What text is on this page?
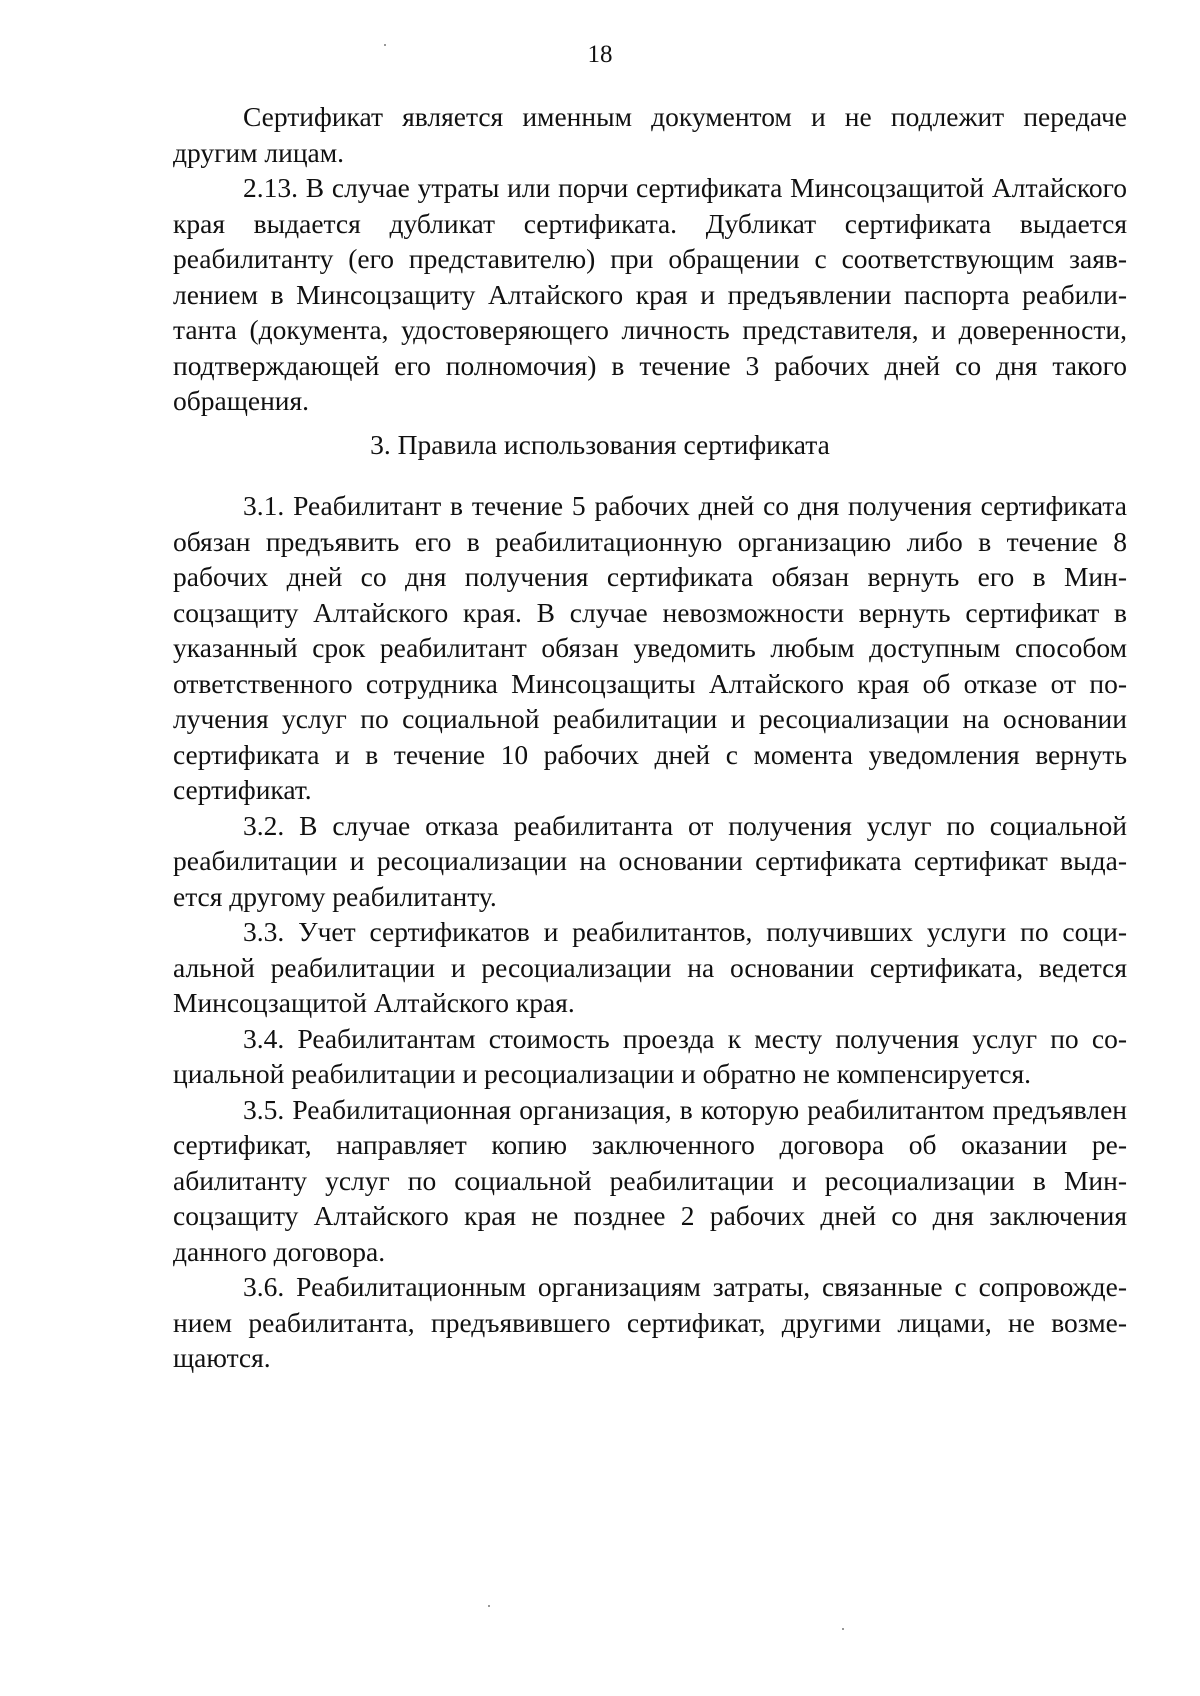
18

Сертификат является именным документом и не подлежит передаче другим лицам.

2.13. В случае утраты или порчи сертификата Минсоцзащитой Алтайского края выдается дубликат сертификата. Дубликат сертификата выдается реабилитанту (его представителю) при обращении с соответствующим заявлением в Минсоцзащиту Алтайского края и предъявлении паспорта реабилитанта (документа, удостоверяющего личность представителя, и доверенности, подтверждающей его полномочия) в течение 3 рабочих дней со дня такого обращения.

3. Правила использования сертификата

3.1. Реабилитант в течение 5 рабочих дней со дня получения сертификата обязан предъявить его в реабилитационную организацию либо в течение 8 рабочих дней со дня получения сертификата обязан вернуть его в Минсоцзащиту Алтайского края. В случае невозможности вернуть сертификат в указанный срок реабилитант обязан уведомить любым доступным способом ответственного сотрудника Минсоцзащиты Алтайского края об отказе от получения услуг по социальной реабилитации и ресоциализации на основании сертификата и в течение 10 рабочих дней с момента уведомления вернуть сертификат.

3.2. В случае отказа реабилитанта от получения услуг по социальной реабилитации и ресоциализации на основании сертификата сертификат выдается другому реабилитанту.

3.3. Учет сертификатов и реабилитантов, получивших услуги по социальной реабилитации и ресоциализации на основании сертификата, ведется Минсоцзащитой Алтайского края.

3.4. Реабилитантам стоимость проезда к месту получения услуг по социальной реабилитации и ресоциализации и обратно не компенсируется.

3.5. Реабилитационная организация, в которую реабилитантом предъявлен сертификат, направляет копию заключенного договора об оказании реабилитанту услуг по социальной реабилитации и ресоциализации в Минсоцзащиту Алтайского края не позднее 2 рабочих дней со дня заключения данного договора.

3.6. Реабилитационным организациям затраты, связанные с сопровождением реабилитанта, предъявившего сертификат, другими лицами, не возмещаются.
